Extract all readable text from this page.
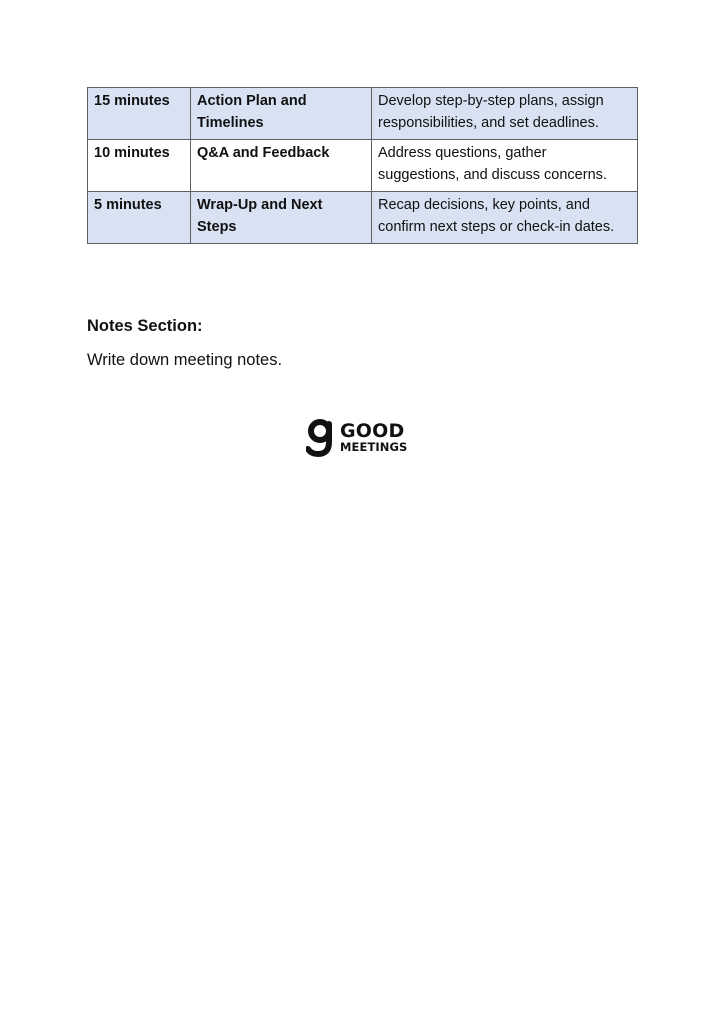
15 minutes	Action Plan and Timelines	Develop step-by-step plans, assign responsibilities, and set deadlines.
10 minutes	Q&A and Feedback	Address questions, gather suggestions, and discuss concerns.
5 minutes	Wrap-Up and Next Steps	Recap decisions, key points, and confirm next steps or check-in dates.
Notes Section:

Write down meeting notes.

GOOD
MEETINGS
